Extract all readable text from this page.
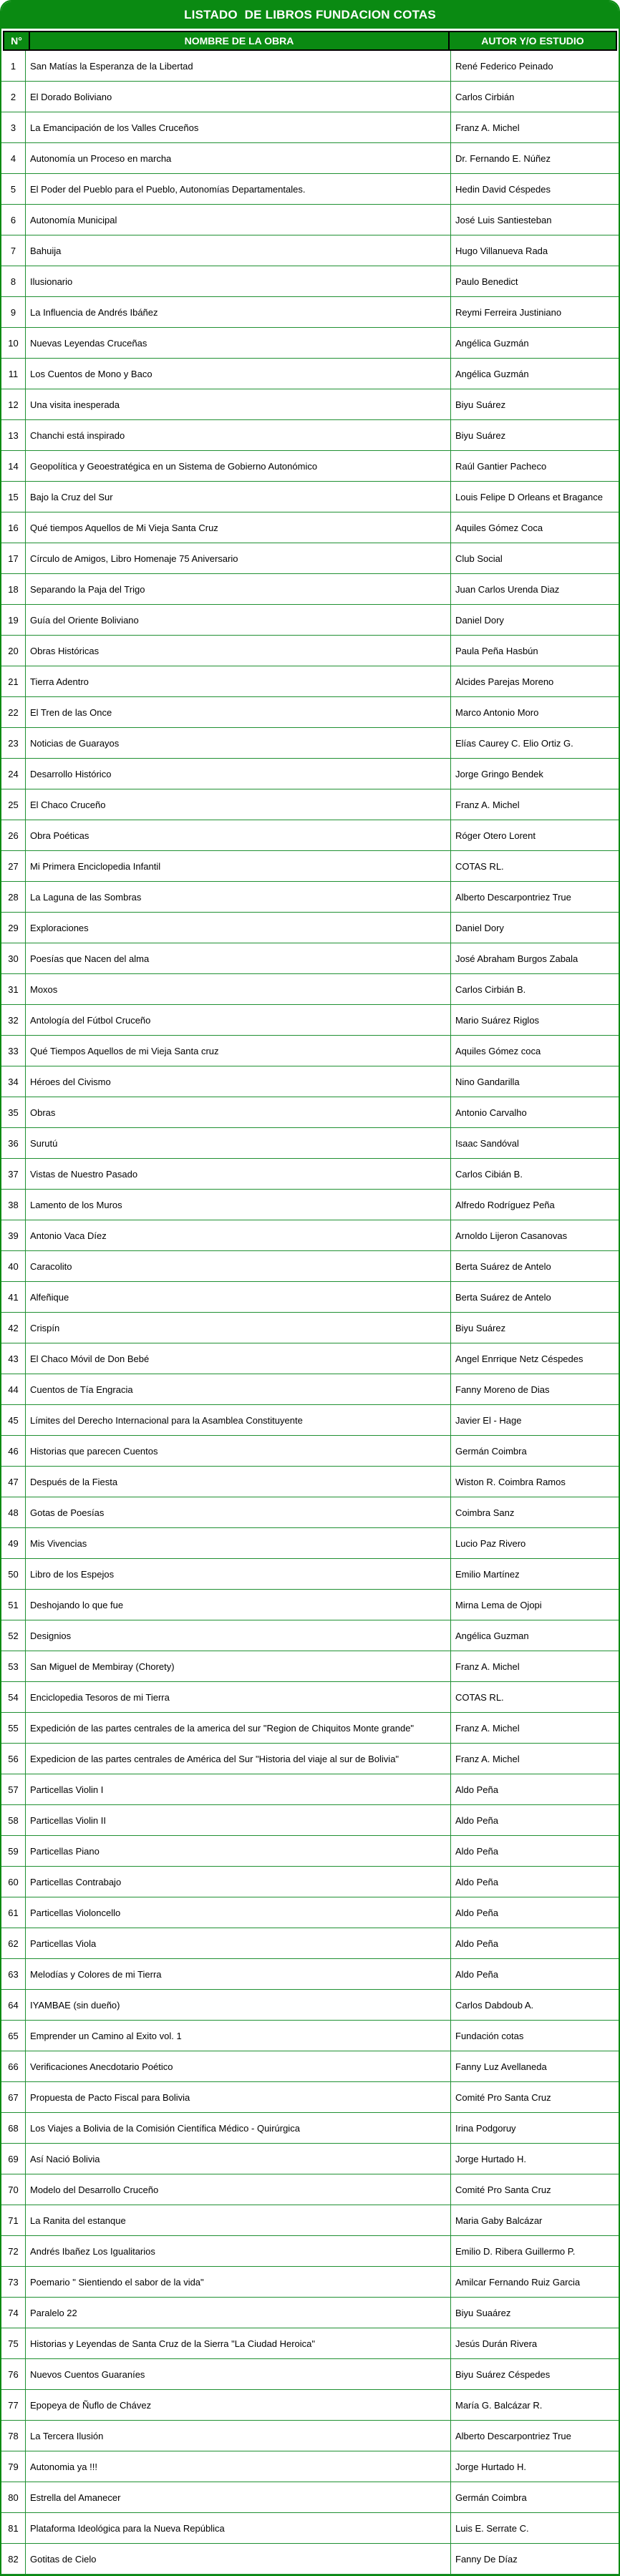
LISTADO  DE LIBROS FUNDACION COTAS
N°	NOMBRE DE LA OBRA	AUTOR Y/O ESTUDIO
1	San Matías la Esperanza de la Libertad	René Federico Peinado
2	El Dorado Boliviano	Carlos Cirbián
3	La Emancipación de los Valles Cruceños	Franz A. Michel
4	Autonomía un Proceso en marcha	Dr. Fernando E. Núñez
5	El Poder del Pueblo para el Pueblo, Autonomías Departamentales.	Hedin David Céspedes
6	Autonomía Municipal	José Luis Santiesteban
7	Bahuija	Hugo Villanueva Rada
8	Ilusionario	Paulo Benedict
9	La Influencia de Andrés Ibáñez	Reymi Ferreira Justiniano
10	Nuevas Leyendas Cruceñas	Angélica Guzmán
11	Los Cuentos de Mono y Baco	Angélica Guzmán
12	Una visita inesperada	Biyu Suárez
13	Chanchi está inspirado	Biyu Suárez
14	Geopolítica y Geoestratégica en un Sistema de Gobierno Autonómico	Raúl Gantier Pacheco
15	Bajo la Cruz del Sur	Louis Felipe D Orleans et Bragance
16	Qué tiempos Aquellos de Mi Vieja Santa Cruz	Aquiles Gómez Coca
17	Círculo de Amigos, Libro Homenaje 75 Aniversario	Club Social
18	Separando la Paja del Trigo	Juan Carlos Urenda Diaz
19	Guía del Oriente Boliviano	Daniel Dory
20	Obras Históricas	Paula Peña Hasbún
21	Tierra Adentro	Alcides Parejas Moreno
22	El Tren de las Once	Marco Antonio Moro
23	Noticias de Guarayos	Elías Caurey C. Elio Ortiz G.
24	Desarrollo Histórico	Jorge Gringo Bendek
25	El Chaco Cruceño	Franz A. Michel
26	Obra Poéticas	Róger Otero Lorent
27	Mi Primera Enciclopedia Infantil	COTAS RL.
28	La Laguna de las Sombras	Alberto Descarpontriez True
29	Exploraciones	Daniel Dory
30	Poesías que Nacen del alma	José Abraham Burgos Zabala
31	Moxos	Carlos Cirbián B.
32	Antología del Fútbol Cruceño	Mario Suárez Riglos
33	Qué Tiempos Aquellos de mi Vieja Santa cruz	Aquiles Gómez coca
34	Héroes del Civismo	Nino Gandarilla
35	Obras	Antonio Carvalho
36	Surutú	Isaac Sandóval
37	Vistas de Nuestro Pasado	Carlos Cibián B.
38	Lamento de los Muros	Alfredo Rodríguez Peña
39	Antonio Vaca Díez	Arnoldo Lijeron Casanovas
40	Caracolito	Berta Suárez de Antelo
41	Alfeñique	Berta Suárez de Antelo
42	Crispín	Biyu Suárez
43	El Chaco Móvil de Don Bebé	Angel Enrrique Netz Céspedes
44	Cuentos de Tía Engracia	Fanny Moreno de Dias
45	Límites del Derecho Internacional para la Asamblea Constituyente	Javier El - Hage
46	Historias que parecen Cuentos	Germán Coimbra
47	Después de la Fiesta	Wiston R. Coimbra Ramos
48	Gotas de Poesías	Coimbra Sanz
49	Mis Vivencias	Lucio Paz Rivero
50	Libro de los Espejos	Emilio Martínez
51	Deshojando lo que fue	Mirna Lema de Ojopi
52	Designios	Angélica Guzman
53	San Miguel de Membiray (Chorety)	Franz A. Michel
54	Enciclopedia Tesoros de mi Tierra	COTAS RL.
55	Expedición de las partes centrales de la america del sur "Region de Chiquitos Monte grande"	Franz A. Michel
56	Expedicion de las partes centrales de América del Sur "Historia del viaje al sur de Bolivia"	Franz A. Michel
57	Particellas Violin I	Aldo Peña
58	Particellas Violin II	Aldo Peña
59	Particellas Piano	Aldo Peña
60	Particellas Contrabajo	Aldo Peña
61	Particellas Violoncello	Aldo Peña
62	Particellas Viola	Aldo Peña
63	Melodías y Colores de mi Tierra	Aldo Peña
64	IYAMBAE (sin dueño)	Carlos Dabdoub A.
65	Emprender un Camino al Exito vol. 1	Fundación cotas
66	Verificaciones Anecdotario Poético	Fanny Luz Avellaneda
67	Propuesta de Pacto Fiscal para Bolivia	Comité Pro Santa Cruz
68	Los Viajes a Bolivia de la Comisión Científica Médico - Quirúrgica	Irina Podgoruy
69	Así Nació Bolivia	Jorge Hurtado H.
70	Modelo del Desarrollo Cruceño	Comité Pro Santa Cruz
71	La Ranita del estanque	Maria Gaby Balcázar
72	Andrés Ibañez Los Igualitarios	Emilio D. Ribera Guillermo P.
73	Poemario " Sientiendo el sabor de la vida"	Amilcar Fernando Ruiz Garcia
74	Paralelo 22	Biyu Suaárez
75	Historias y Leyendas de Santa Cruz de la Sierra "La Ciudad Heroica"	Jesús Durán Rivera
76	Nuevos Cuentos Guaraníes	Biyu Suárez Céspedes
77	Epopeya de Ñuflo de Chávez	María G. Balcázar R.
78	La Tercera Ilusión	Alberto Descarpontriez True
79	Autonomia ya !!!	Jorge Hurtado H.
80	Estrella del Amanecer	Germán Coimbra
81	Plataforma Ideológica para la Nueva República	Luis E. Serrate C.
82	Gotitas de Cielo	Fanny De Díaz
